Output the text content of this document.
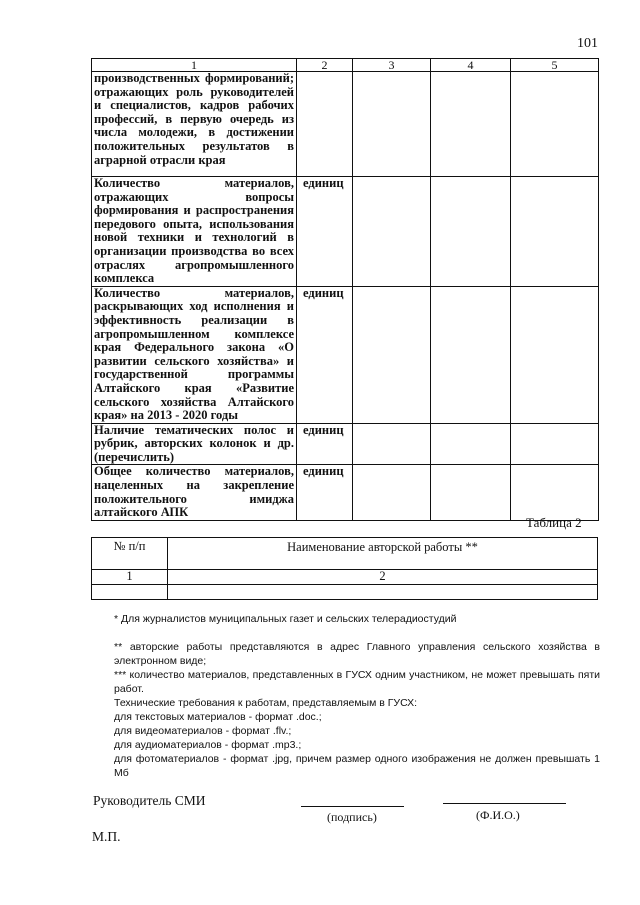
101
1	2	3	4	5
производственных формирований; отражающих роль руководителей и специалистов, кадров рабочих профессий, в первую очередь из числа молодежи, в достижении положительных результатов в аграрной отрасли края				
Количество материалов, отражающих вопросы формирования и распространения передового опыта, использования новой техники и технологий в организации производства во всех отраслях агропромышленного комплекса	единиц			
Количество материалов, раскрывающих ход исполнения и эффективность реализации в агропромышленном комплексе края Федерального закона «О развитии сельского хозяйства» и государственной программы Алтайского края «Развитие сельского хозяйства Алтайского края» на 2013 - 2020 годы	единиц			
Наличие тематических полос и рубрик, авторских колонок и др. (перечислить)	единиц			
Общее количество материалов, нацеленных на закрепление положительного имиджа алтайского АПК	единиц			
Таблица 2
№ п/п	Наименование авторской работы **
1	2

* Для журналистов муниципальных газет и сельских телерадиостудий

** авторские работы представляются в адрес Главного управления сельского хозяйства в электронном виде;

*** количество материалов, представленных в ГУСХ одним участником, не может превышать пяти работ.

Технические требования к работам, представляемым в ГУСХ:

для текстовых материалов - формат .doc.;

для видеоматериалов - формат .flv.;

для аудиоматериалов - формат .mp3.;

для фотоматериалов - формат .jpg, причем размер одного изображения не должен превышать 1 Мб

Руководитель СМИ
(подпись)	(Ф.И.О.)
М.П.
